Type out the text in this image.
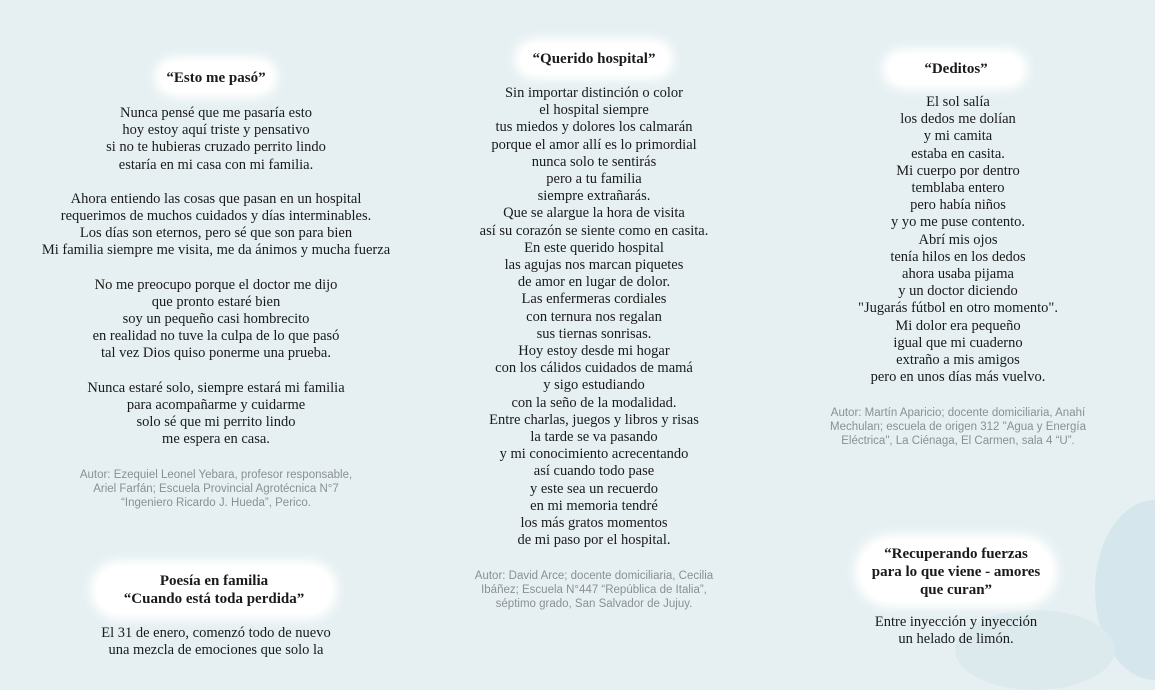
“Esto me pasó”
Nunca pensé que me pasaría esto
hoy estoy aquí triste y pensativo
si no te hubieras cruzado perrito lindo
estaría en mi casa con mi familia.
Ahora entiendo las cosas que pasan en un hospital
requerimos de muchos cuidados y días interminables.
Los días son eternos, pero sé que son para bien
Mi familia siempre me visita, me da ánimos y mucha fuerza
No me preocupo porque el doctor me dijo
que pronto estaré bien
soy un pequeño casi hombrecito
en realidad no tuve la culpa de lo que pasó
tal vez Dios quiso ponerme una prueba.
Nunca estaré solo, siempre estará mi familia
para acompañarme y cuidarme
solo sé que mi perrito lindo
me espera en casa.
Autor: Ezequiel Leonel Yebara, profesor responsable,
Ariel Farfán; Escuela Provincial Agrotécnica N°7
“Ingeniero Ricardo J. Hueda”, Perico.
Poesía en familia
“Cuando está toda perdida”
El 31 de enero, comenzó todo de nuevo
una mezcla de emociones que solo la
“Querido hospital”
Sin importar distinción o color
el hospital siempre
tus miedos y dolores los calmarán
porque el amor allí es lo primordial
nunca solo te sentirás
pero a tu familia
siempre extrañarás.
Que se alargue la hora de visita
así su corazón se siente como en casita.
En este querido hospital
las agujas nos marcan piquetes
de amor en lugar de dolor.
Las enfermeras cordiales
con ternura nos regalan
sus tiernas sonrisas.
Hoy estoy desde mi hogar
con los cálidos cuidados de mamá
y sigo estudiando
con la seño de la modalidad.
Entre charlas, juegos y libros y risas
la tarde se va pasando
y mi conocimiento acrecentando
así cuando todo pase
y este sea un recuerdo
en mi memoria tendré
los más gratos momentos
de mi paso por el hospital.
Autor: David Arce; docente domiciliaria, Cecilia
Ibáñez; Escuela N°447 “República de Italia”,
séptimo grado, San Salvador de Jujuy.
“Deditos”
El sol salía
los dedos me dolían
y mi camita
estaba en casita.
Mi cuerpo por dentro
temblaba entero
pero había niños
y yo me puse contento.
Abrí mis ojos
tenía hilos en los dedos
ahora usaba pijama
y un doctor diciendo
"Jugarás fútbol en otro momento".
Mi dolor era pequeño
igual que mi cuaderno
extraño a mis amigos
pero en unos días más vuelvo.
Autor: Martín Aparicio; docente domiciliaria, Anahí
Mechulan; escuela de origen 312 "Agua y Energía
Eléctrica", La Ciénaga, El Carmen, sala 4 “U”.
“Recuperando fuerzas
para lo que viene - amores
que curan”
Entre inyección y inyección
un helado de limón.
